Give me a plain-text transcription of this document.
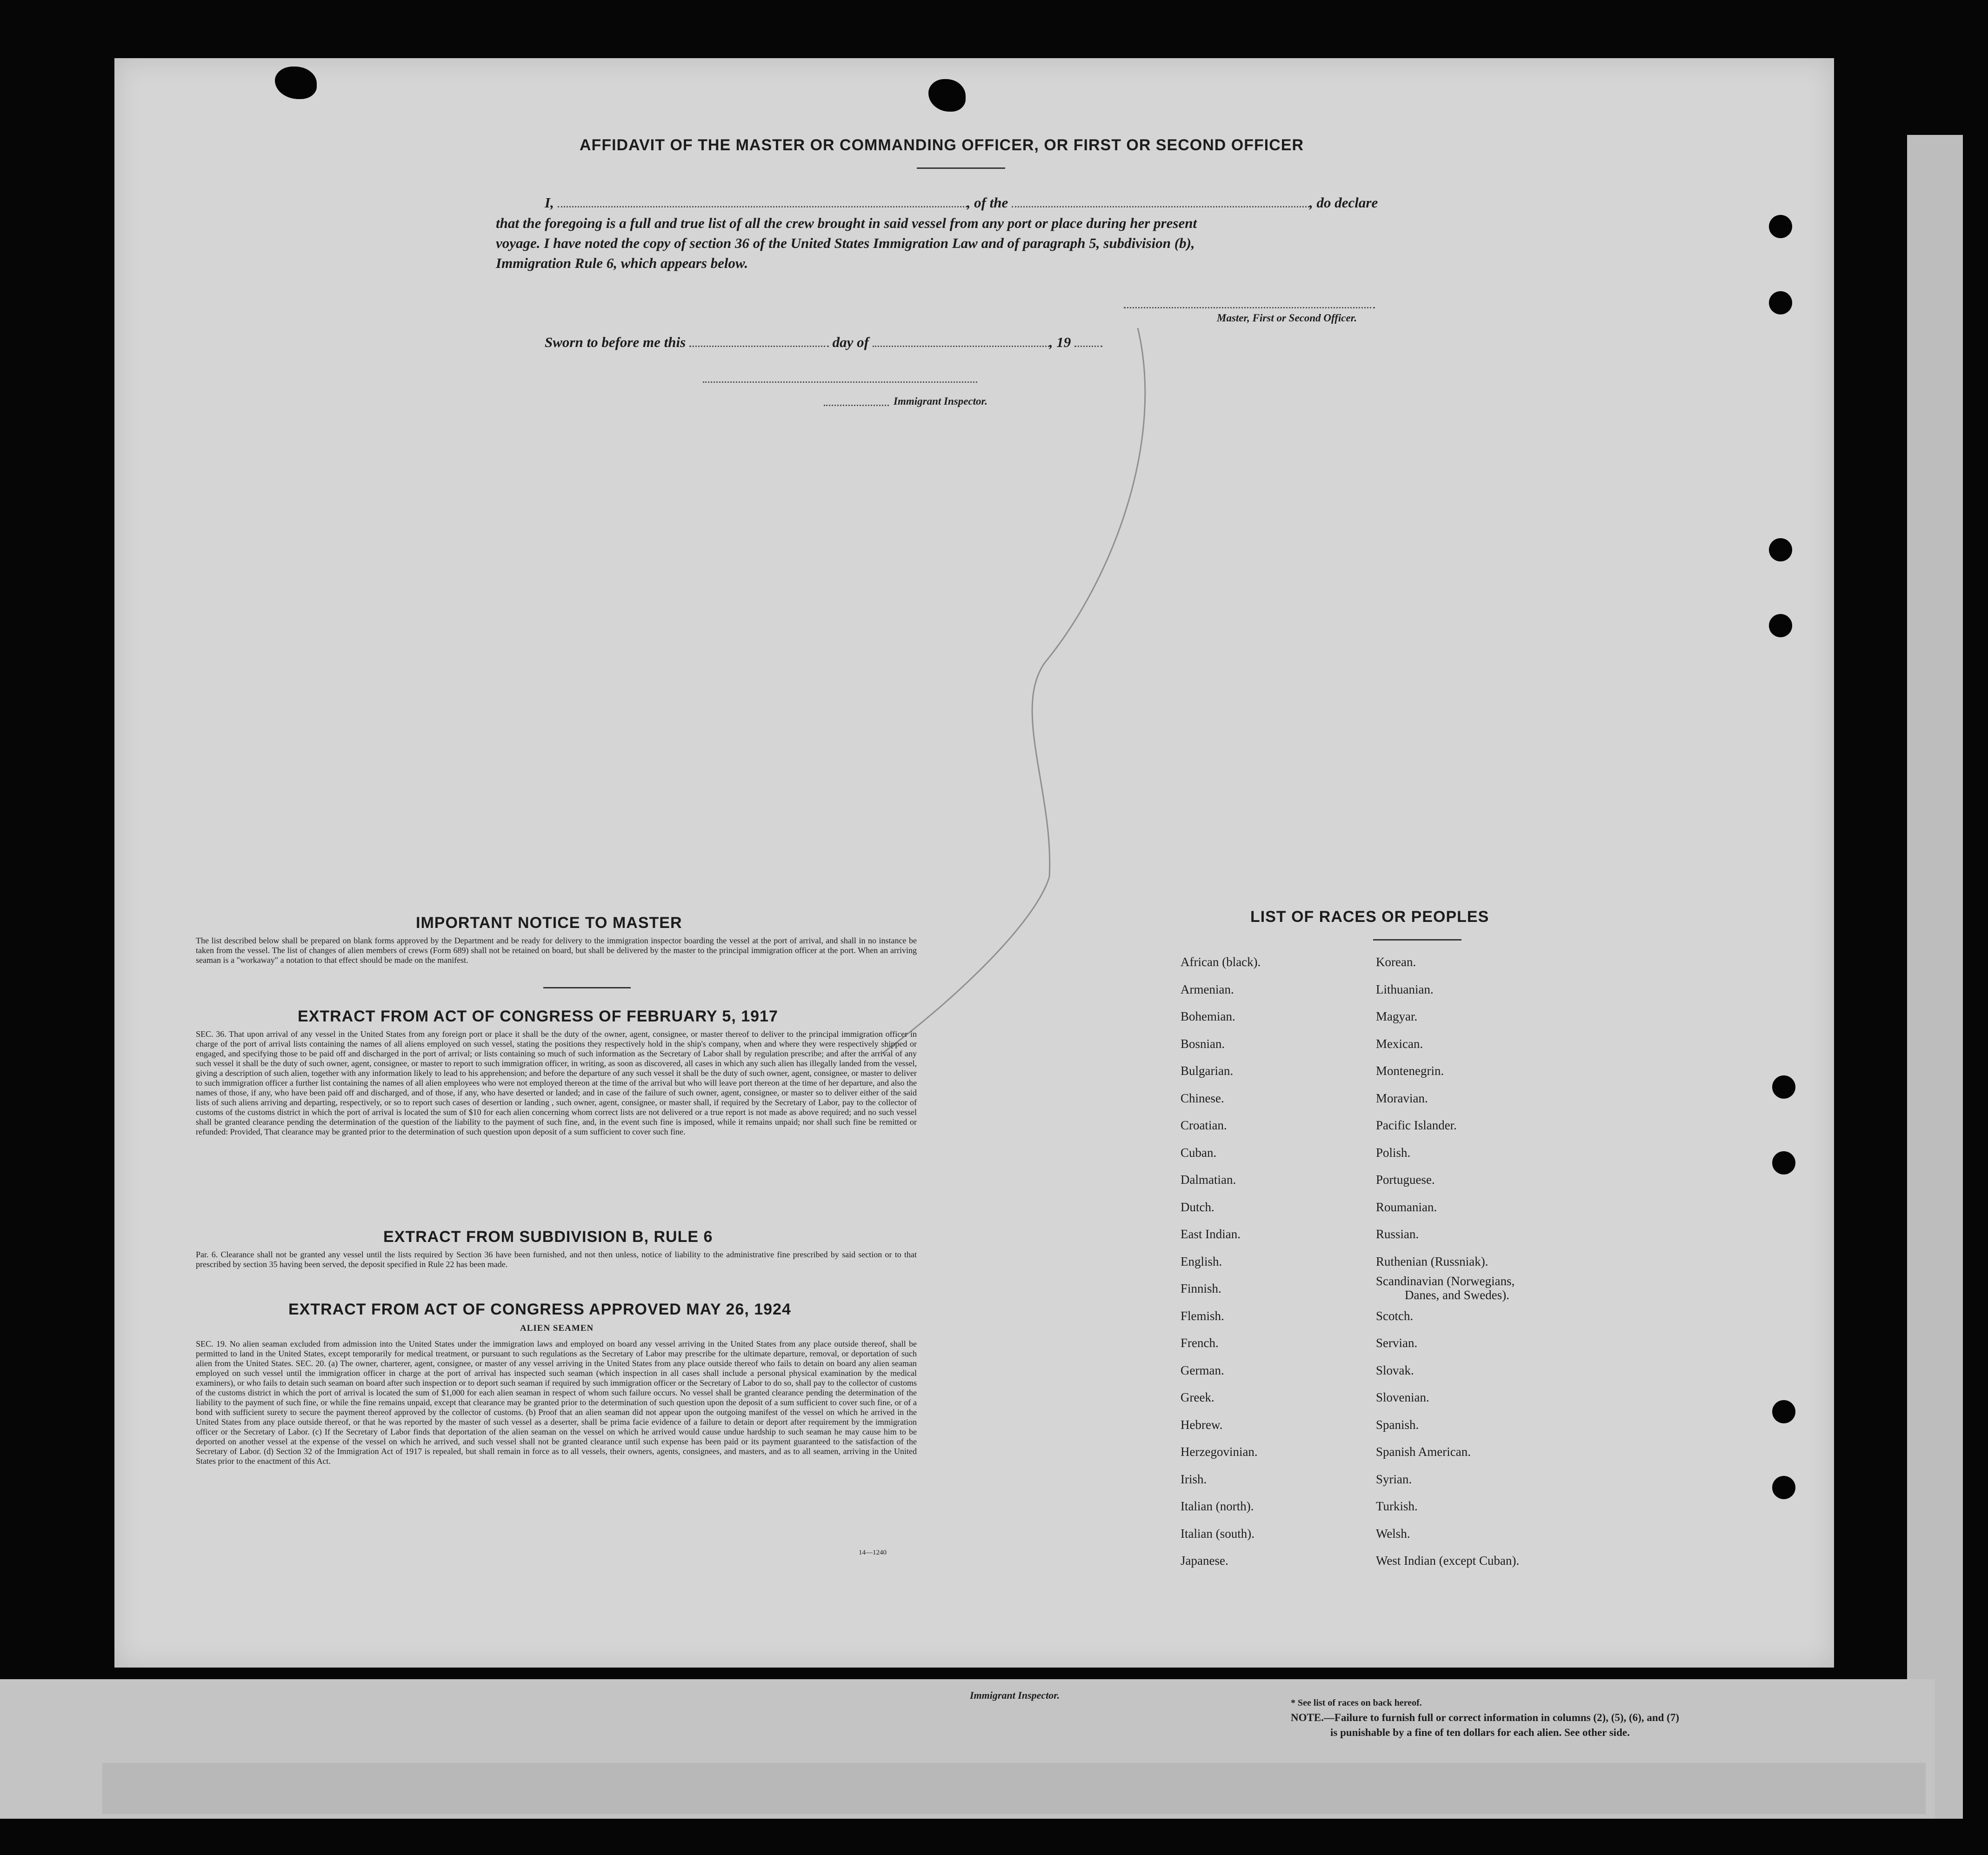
Immigrant Inspector.
* See list of races on back hereof.
NOTE.—Failure to furnish full or correct information in columns (2), (5), (6), and (7)
is punishable by a fine of ten dollars for each alien. See other side.
AFFIDAVIT OF THE MASTER OR COMMANDING OFFICER, OR FIRST OR SECOND OFFICER
I,	, of the	, do declare
that the foregoing is a full and true list of all the crew brought in said vessel from any port or place during her present
voyage. I have noted the copy of section 36 of the United States Immigration Law and of paragraph 5, subdivision (b),
Immigration Rule 6, which appears below.
Master, First or Second Officer.
Sworn to before me this	day of	, 19
Immigrant Inspector.
IMPORTANT NOTICE TO MASTER
The list described below shall be prepared on blank forms approved by the Department and be ready for delivery to the immigration inspector boarding the vessel at the port of arrival, and shall in no instance be taken from the vessel. The list of changes of alien members of crews (Form 689) shall not be retained on board, but shall be delivered by the master to the principal immigration officer at the port. When an arriving seaman is a "workaway" a notation to that effect should be made on the manifest.
EXTRACT FROM ACT OF CONGRESS OF FEBRUARY 5, 1917
SEC. 36. That upon arrival of any vessel in the United States from any foreign port or place it shall be the duty of the owner, agent, consignee, or master thereof to deliver to the principal immigration officer in charge of the port of arrival lists containing the names of all aliens employed on such vessel, stating the positions they respectively hold in the ship's company, when and where they were respectively shipped or engaged, and specifying those to be paid off and discharged in the port of arrival; or lists containing so much of such information as the Secretary of Labor shall by regulation prescribe; and after the arrival of any such vessel it shall be the duty of such owner, agent, consignee, or master to report to such immigration officer, in writing, as soon as discovered, all cases in which any such alien has illegally landed from the vessel, giving a description of such alien, together with any information likely to lead to his apprehension; and before the departure of any such vessel it shall be the duty of such owner, agent, consignee, or master to deliver to such immigration officer a further list containing the names of all alien employees who were not employed thereon at the time of the arrival but who will leave port thereon at the time of her departure, and also the names of those, if any, who have been paid off and discharged, and of those, if any, who have deserted or landed; and in case of the failure of such owner, agent, consignee, or master so to deliver either of the said lists of such aliens arriving and departing, respectively, or so to report such cases of desertion or landing , such owner, agent, consignee, or master shall, if required by the Secretary of Labor, pay to the collector of customs of the customs district in which the port of arrival is located the sum of $10 for each alien concerning whom correct lists are not delivered or a true report is not made as above required; and no such vessel shall be granted clearance pending the determination of the question of the liability to the payment of such fine, and, in the event such fine is imposed, while it remains unpaid; nor shall such fine be remitted or refunded: Provided, That clearance may be granted prior to the determination of such question upon deposit of a sum sufficient to cover such fine.
EXTRACT FROM SUBDIVISION B, RULE 6
Par. 6. Clearance shall not be granted any vessel until the lists required by Section 36 have been furnished, and not then unless, notice of liability to the administrative fine prescribed by said section or to that prescribed by section 35 having been served, the deposit specified in Rule 22 has been made.
EXTRACT FROM ACT OF CONGRESS APPROVED MAY 26, 1924
ALIEN SEAMEN
SEC. 19. No alien seaman excluded from admission into the United States under the immigration laws and employed on board any vessel arriving in the United States from any place outside thereof, shall be permitted to land in the United States, except temporarily for medical treatment, or pursuant to such regulations as the Secretary of Labor may prescribe for the ultimate departure, removal, or deportation of such alien from the United States. SEC. 20. (a) The owner, charterer, agent, consignee, or master of any vessel arriving in the United States from any place outside thereof who fails to detain on board any alien seaman employed on such vessel until the immigration officer in charge at the port of arrival has inspected such seaman (which inspection in all cases shall include a personal physical examination by the medical examiners), or who fails to detain such seaman on board after such inspection or to deport such seaman if required by such immigration officer or the Secretary of Labor to do so, shall pay to the collector of customs of the customs district in which the port of arrival is located the sum of $1,000 for each alien seaman in respect of whom such failure occurs. No vessel shall be granted clearance pending the determination of the liability to the payment of such fine, or while the fine remains unpaid, except that clearance may be granted prior to the determination of such question upon the deposit of a sum sufficient to cover such fine, or of a bond with sufficient surety to secure the payment thereof approved by the collector of customs. (b) Proof that an alien seaman did not appear upon the outgoing manifest of the vessel on which he arrived in the United States from any place outside thereof, or that he was reported by the master of such vessel as a deserter, shall be prima facie evidence of a failure to detain or deport after requirement by the immigration officer or the Secretary of Labor. (c) If the Secretary of Labor finds that deportation of the alien seaman on the vessel on which he arrived would cause undue hardship to such seaman he may cause him to be deported on another vessel at the expense of the vessel on which he arrived, and such vessel shall not be granted clearance until such expense has been paid or its payment guaranteed to the satisfaction of the Secretary of Labor. (d) Section 32 of the Immigration Act of 1917 is repealed, but shall remain in force as to all vessels, their owners, agents, consignees, and masters, and as to all seamen, arriving in the United States prior to the enactment of this Act.
14—1240
LIST OF RACES OR PEOPLES
African (black).
Armenian.
Bohemian.
Bosnian.
Bulgarian.
Chinese.
Croatian.
Cuban.
Dalmatian.
Dutch.
East Indian.
English.
Finnish.
Flemish.
French.
German.
Greek.
Hebrew.
Herzegovinian.
Irish.
Italian (north).
Italian (south).
Japanese.
Korean.
Lithuanian.
Magyar.
Mexican.
Montenegrin.
Moravian.
Pacific Islander.
Polish.
Portuguese.
Roumanian.
Russian.
Ruthenian (Russniak).
Scandinavian (Norwegians,
Danes, and Swedes).
Scotch.
Servian.
Slovak.
Slovenian.
Spanish.
Spanish American.
Syrian.
Turkish.
Welsh.
West Indian (except Cuban).
